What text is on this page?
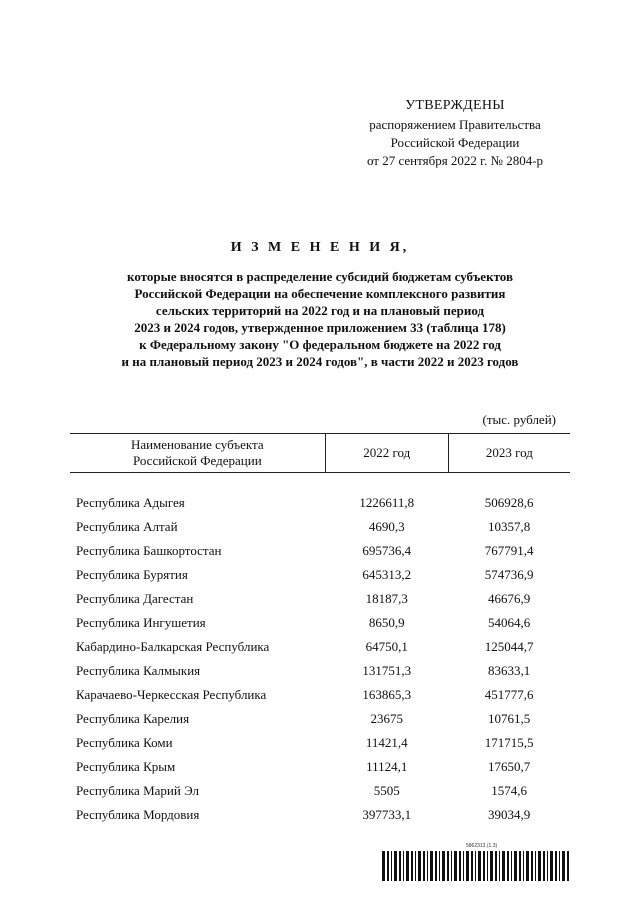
УТВЕРЖДЕНЫ
распоряжением Правительства
Российской Федерации
от 27 сентября 2022 г. № 2804-р
И З М Е Н Е Н И Я,
которые вносятся в распределение субсидий бюджетам субъектов
Российской Федерации на обеспечение комплексного развития
сельских территорий на 2022 год и на плановый период
2023 и 2024 годов, утвержденное приложением 33 (таблица 178)
к Федеральному закону "О федеральном бюджете на 2022 год
и на плановый период 2023 и 2024 годов", в части 2022 и 2023 годов
(тыс. рублей)
Наименование субъекта
Российской Федерации	2022 год	2023 год

Республика Адыгея	1226611,8	506928,6
Республика Алтай	4690,3	10357,8
Республика Башкортостан	695736,4	767791,4
Республика Бурятия	645313,2	574736,9
Республика Дагестан	18187,3	46676,9
Республика Ингушетия	8650,9	54064,6
Кабардино-Балкарская Республика	64750,1	125044,7
Республика Калмыкия	131751,3	83633,1
Карачаево-Черкесская Республика	163865,3	451777,6
Республика Карелия	23675	10761,5
Республика Коми	11421,4	171715,5
Республика Крым	11124,1	17650,7
Республика Марий Эл	5505	1574,6
Республика Мордовия	397733,1	39034,9
5862313 (1.3)
